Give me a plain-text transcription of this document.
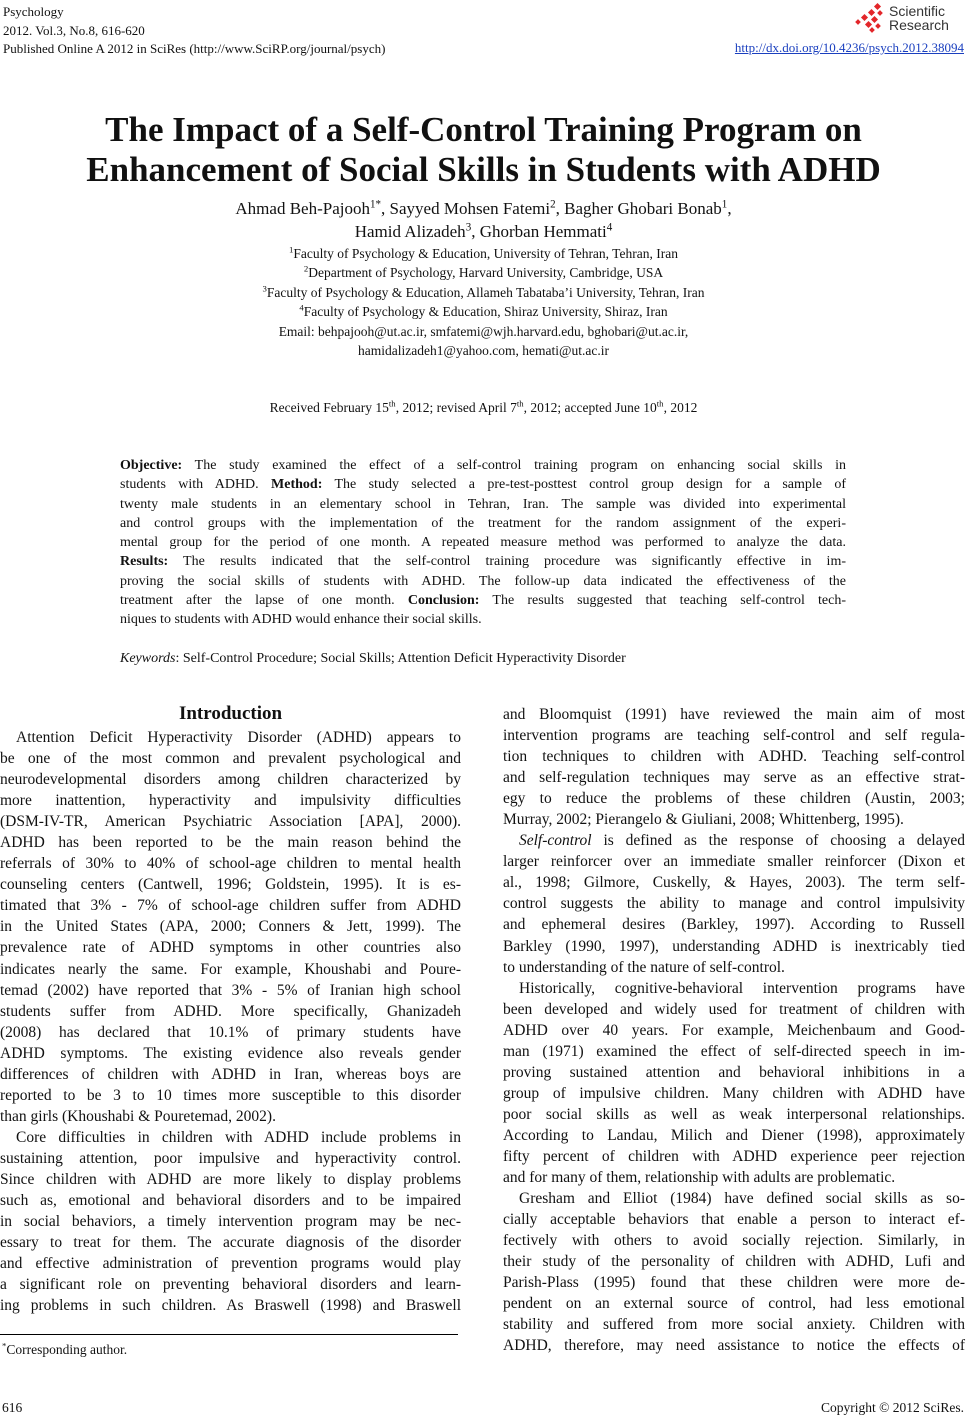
Psychology
2012. Vol.3, No.8, 616-620
Published Online A 2012 in SciRes (http://www.SciRP.org/journal/psych)
Scientific
Research
http://dx.doi.org/10.4236/psych.2012.38094
The Impact of a Self-Control Training Program on
Enhancement of Social Skills in Students with ADHD
Ahmad Beh-Pajooh$^{1*}$, Sayyed Mohsen Fatemi$^2$, Bagher Ghobari Bonab$^1$,
Hamid Alizadeh$^3$, Ghorban Hemmati$^4$
$^1$Faculty of Psychology & Education, University of Tehran, Tehran, Iran
$^2$Department of Psychology, Harvard University, Cambridge, USA
$^3$Faculty of Psychology & Education, Allameh Tabataba’i University, Tehran, Iran
$^4$Faculty of Psychology & Education, Shiraz University, Shiraz, Iran
Email: behpajooh@ut.ac.ir, smfatemi@wjh.harvard.edu, bghobari@ut.ac.ir,
hamidalizadeh1@yahoo.com, hemati@ut.ac.ir
Received February 15th, 2012; revised April 7th, 2012; accepted June 10th, 2012
Objective: The study examined the effect of a self-control training program on enhancing social skills in
students with ADHD. Method: The study selected a pre-test-posttest control group design for a sample of
twenty male students in an elementary school in Tehran, Iran. The sample was divided into experimental
and control groups with the implementation of the treatment for the random assignment of the experi-
mental group for the period of one month. A repeated measure method was performed to analyze the data.
Results: The results indicated that the self-control training procedure was significantly effective in im-
proving the social skills of students with ADHD. The follow-up data indicated the effectiveness of the
treatment after the lapse of one month. Conclusion: The results suggested that teaching self-control tech-
niques to students with ADHD would enhance their social skills.
Keywords: Self-Control Procedure; Social Skills; Attention Deficit Hyperactivity Disorder
Introduction
Attention Deficit Hyperactivity Disorder (ADHD) appears to
be one of the most common and prevalent psychological and
neurodevelopmental disorders among children characterized by
more inattention, hyperactivity and impulsivity difficulties
(DSM-IV-TR, American Psychiatric Association [APA], 2000).
ADHD has been reported to be the main reason behind the
referrals of 30% to 40% of school-age children to mental health
counseling centers (Cantwell, 1996; Goldstein, 1995). It is es-
timated that 3% - 7% of school-age children suffer from ADHD
in the United States (APA, 2000; Conners & Jett, 1999). The
prevalence rate of ADHD symptoms in other countries also
indicates nearly the same. For example, Khoushabi and Poure-
temad (2002) have reported that 3% - 5% of Iranian high school
students suffer from ADHD. More specifically, Ghanizadeh
(2008) has declared that 10.1% of primary students have
ADHD symptoms. The existing evidence also reveals gender
differences of children with ADHD in Iran, whereas boys are
reported to be 3 to 10 times more susceptible to this disorder
than girls (Khoushabi & Pouretemad, 2002).
Core difficulties in children with ADHD include problems in
sustaining attention, poor impulsive and hyperactivity control.
Since children with ADHD are more likely to display problems
such as, emotional and behavioral disorders and to be impaired
in social behaviors, a timely intervention program may be nec-
essary to treat for them. The accurate diagnosis of the disorder
and effective administration of prevention programs would play
a significant role on preventing behavioral disorders and learn-
ing problems in such children. As Braswell (1998) and Braswell
and Bloomquist (1991) have reviewed the main aim of most
intervention programs are teaching self-control and self regula-
tion techniques to children with ADHD. Teaching self-control
and self-regulation techniques may serve as an effective strat-
egy to reduce the problems of these children (Austin, 2003;
Murray, 2002; Pierangelo & Giuliani, 2008; Whittenberg, 1995).
Self-control is defined as the response of choosing a delayed
larger reinforcer over an immediate smaller reinforcer (Dixon et
al., 1998; Gilmore, Cuskelly, & Hayes, 2003). The term self-
control suggests the ability to manage and control impulsivity
and ephemeral desires (Barkley, 1997). According to Russell
Barkley (1990, 1997), understanding ADHD is inextricably tied
to understanding of the nature of self-control.
Historically, cognitive-behavioral intervention programs have
been developed and widely used for treatment of children with
ADHD over 40 years. For example, Meichenbaum and Good-
man (1971) examined the effect of self-directed speech in im-
proving sustained attention and behavioral inhibitions in a
group of impulsive children. Many children with ADHD have
poor social skills as well as weak interpersonal relationships.
According to Landau, Milich and Diener (1998), approximately
fifty percent of children with ADHD experience peer rejection
and for many of them, relationship with adults are problematic.
Gresham and Elliot (1984) have defined social skills as so-
cially acceptable behaviors that enable a person to interact ef-
fectively with others to avoid socially rejection. Similarly, in
their study of the personality of children with ADHD, Lufi and
Parish-Plass (1995) found that these children were more de-
pendent on an external source of control, had less emotional
stability and suffered from more social anxiety. Children with
ADHD, therefore, may need assistance to notice the effects of
*Corresponding author.
616	Copyright © 2012 SciRes.
